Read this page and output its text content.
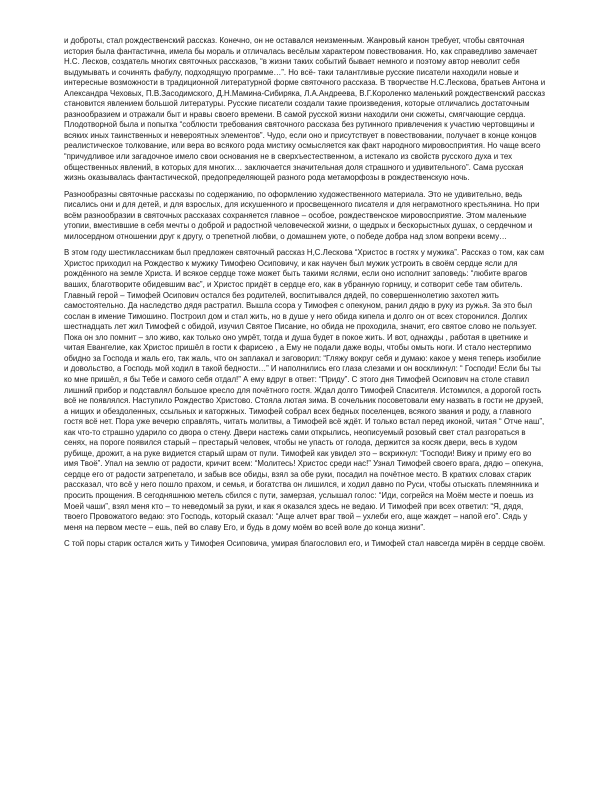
и доброты, стал рождественский рассказ. Конечно, он не оставался неизменным. Жанровый канон требует, чтобы святочная история была фантастична, имела бы мораль и отличалась весёлым характером повествования. Но, как справедливо замечает Н.С. Лесков, создатель многих святочных рассказов, “в жизни таких событий бывает немного и поэтому автор неволит себя выдумывать и сочинять фабулу, подходящую программе…”. Но всё- таки талантливые русские писатели находили новые и интересные возможности в традиционной литературной форме святочного рассказа. В творчестве Н.С.Лескова, братьев Антона и Александра Чеховых, П.В.Засодимского, Д.Н.Мамина-Сибиряка, Л.А.Андреева, В.Г.Короленко маленький рождественский рассказ становится явлением большой литературы. Русские писатели создали такие произведения, которые отличались достаточным разнообразием и отражали быт и нравы своего времени. В самой русской жизни находили они сюжеты, смягчающие сердца. Плодотворной была и попытка “соблюсти требования святочного рассказа без рутинного привлечения к участию чертовщины и всяких иных таинственных и невероятных элементов”. Чудо, если оно и присутствует в повествовании, получает в конце концов реалистическое толкование, или вера во всякого рода мистику осмысляется как факт народного мировосприятия. Но чаще всего “причудливое или загадочное имело свои основания не в сверхъестественном, а истекало из свойств русского духа и тех общественных явлений, в которых для многих… заключается значительная доля страшного и удивительного”. Сама русская жизнь оказывалась фантастической, предопределяющей разного рода метаморфозы в рождественскую ночь.

Разнообразны святочные рассказы по содержанию, по оформлению художественного материала. Это не удивительно, ведь писались они и для детей, и для взрослых, для искушенного и просвещенного писателя и для неграмотного крестьянина. Но при всём разнообразии в святочных рассказах сохраняется главное – особое, рождественское мировосприятие. Этом маленькие утопии, вместившие в себя мечты о доброй и радостной человеческой жизни, о щедрых и бескорыстных душах, о сердечном и милосердном отношении друг к другу, о трепетной любви, о домашнем уюте, о победе добра над злом вопреки всему…

В этом году шестиклассникам был предложен святочный рассказ Н,С.Лескова “Христос в гостях у мужика”. Рассказ о том, как сам Христос приходил на Рождество к мужику Тимофею Осиповичу, и как научен был мужик устроить в своём сердце ясли для рождённого на земле Христа. И всякое сердце тоже может быть такими яслями, если оно исполнит заповедь: “любите врагов ваших, благотворите обидевшим вас”, и Христос придёт в сердце его, как в убранную горницу, и сотворит себе там обитель. Главный герой – Тимофей Осипович остался без родителей, воспитывался дядей, по совершеннолетию захотел жить самостоятельно. Да наследство дядя растратил. Вышла ссора у Тимофея с опекуном, ранил дядю в руку из ружья. За это был сослан в имение Тимошино. Построил дом и стал жить, но в душе у него обида кипела и долго он от всех сторонился. Долгих шестнадцать лет жил Тимофей с обидой, изучил Святое Писание, но обида не проходила, значит, его святое слово не пользует. Пока он зло помнит – зло живо, как только оно умрёт, тогда и душа будет в покое жить. И вот, однажды , работая в цветнике и читая Евангелие, как Христос пришёл в гости к фарисею , а Ему не подали даже воды, чтобы омыть ноги. И стало нестерпимо обидно за Господа и жаль его, так жаль, что он заплакал и заговорил: “Гляжу вокруг себя и думаю: какое у меня теперь изобилие и довольство, а Господь мой ходил в такой бедности…” И наполнились его глаза слезами и он воскликнул: “ Господи! Если бы ты ко мне пришёл, я бы Тебе и самого себя отдал!” А ему вдруг в ответ: “Приду”. С этого дня Тимофей Осипович на столе ставил лишний прибор и подставлял большое кресло для почётного гостя. Ждал долго Тимофей Спасителя. Истомился, а дорогой гость всё не появлялся. Наступило Рождество Христово. Стояла лютая зима. В сочельник посоветовали ему назвать в гости не друзей, а нищих и обездоленных, ссыльных и каторжных. Тимофей собрал всех бедных поселенцев, всякого звания и роду, а главного гостя всё нет. Пора уже вечерю справлять, читать молитвы, а Тимофей всё ждёт. И только встал перед иконой, читая “ Отче наш”, как что-то страшно ударило со двора о стену. Двери настежь сами открылись, неописуемый розовый свет стал разгораться в сенях, на пороге появился старый – престарый человек, чтобы не упасть от голода, держится за косяк двери, весь в худом рубище, дрожит, а на руке видиется старый шрам от пули. Тимофей как увидел это – вскрикнул: “Господи! Вижу и приму его во имя Твоё”. Упал на землю от радости, кричит всем: “Молитесь! Христос среди нас!” Узнал Тимофей своего врага, дядю – опекуна, сердце его от радости затрепетало, и забыв все обиды, взял за обе руки, посадил на почётное место. В кратких словах старик рассказал, что всё у него пошло прахом, и семья, и богатства он лишился, и ходил давно по Руси, чтобы отыскать племянника и просить прощения. В сегодняшнюю метель сбился с пути, замерзая, услышал голос: “Иди, согрейся на Моём месте и поешь из Моей чаши”, взял меня кто – то неведомый за руки, и как я оказался здесь не ведаю. И Тимофей при всех ответил: “Я, дядя, твоего Провожатого ведаю: это Господь, который сказал: “Аще алчет враг твой – ухлеби его, аще жаждет – напой его”. Сядь у меня на первом месте – ешь, пей во славу Его, и будь в дому моём во всей воле до конца жизни”.

С той поры старик остался жить у Тимофея Осиповича, умирая благословил его, и Тимофей стал навсегда мирён в сердце своём.
